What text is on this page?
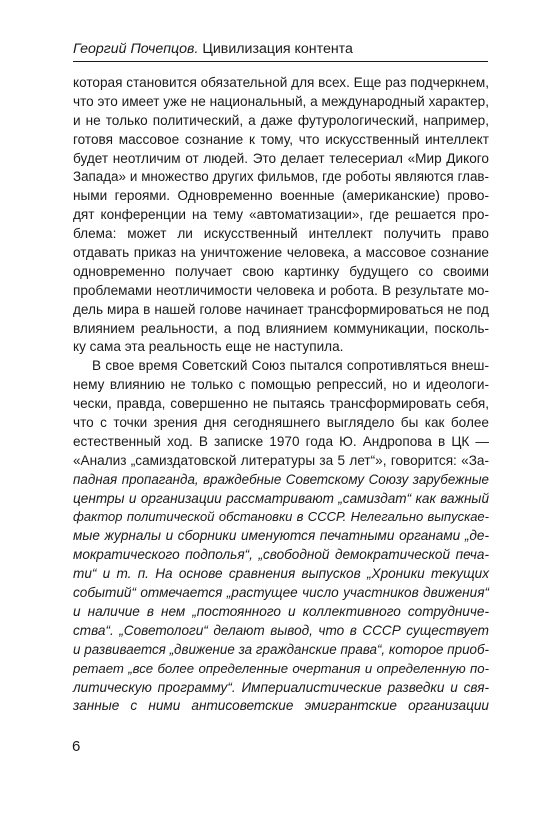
Георгий Почепцов. Цивилизация контента
которая становится обязательной для всех. Еще раз подчеркнем,
что это имеет уже не национальный, а международный характер,
и не только политический, а даже футурологический, например,
готовя массовое сознание к тому, что искусственный интеллект
будет неотличим от людей. Это делает телесериал «Мир Дикого
Запада» и множество других фильмов, где роботы являются глав-
ными героями. Одновременно военные (американские) прово-
дят конференции на тему «автоматизации», где решается про-
блема: может ли искусственный интеллект получить право
отдавать приказ на уничтожение человека, а массовое сознание
одновременно получает свою картинку будущего со своими
проблемами неотличимости человека и робота. В результате мо-
дель мира в нашей голове начинает трансформироваться не под
влиянием реальности, а под влиянием коммуникации, посколь-
ку сама эта реальность еще не наступила.
В свое время Советский Союз пытался сопротивляться внеш-
нему влиянию не только с помощью репрессий, но и идеологи-
чески, правда, совершенно не пытаясь трансформировать себя,
что с точки зрения дня сегодняшнего выглядело бы как более
естественный ход. В записке 1970 года Ю. Андропова в ЦК —
«Анализ „самиздатовской литературы за 5 лет“», говорится: «За-
падная пропаганда, враждебные Советскому Союзу зарубежные
центры и организации рассматривают „самиздат“ как важный
фактор политической обстановки в СССР. Нелегально выпускае-
мые журналы и сборники именуются печатными органами „де-
мократического подполья“, „свободной демократической печа-
ти“ и т. п. На основе сравнения выпусков „Хроники текущих
событий“ отмечается „растущее число участников движения“
и наличие в нем „постоянного и коллективного сотрудниче-
ства“. „Советологи“ делают вывод, что в СССР существует
и развивается „движение за гражданские права“, которое приоб-
ретает „все более определенные очертания и определенную по-
литическую программу“. Империалистические разведки и свя-
занные с ними антисоветские эмигрантские организации
6
